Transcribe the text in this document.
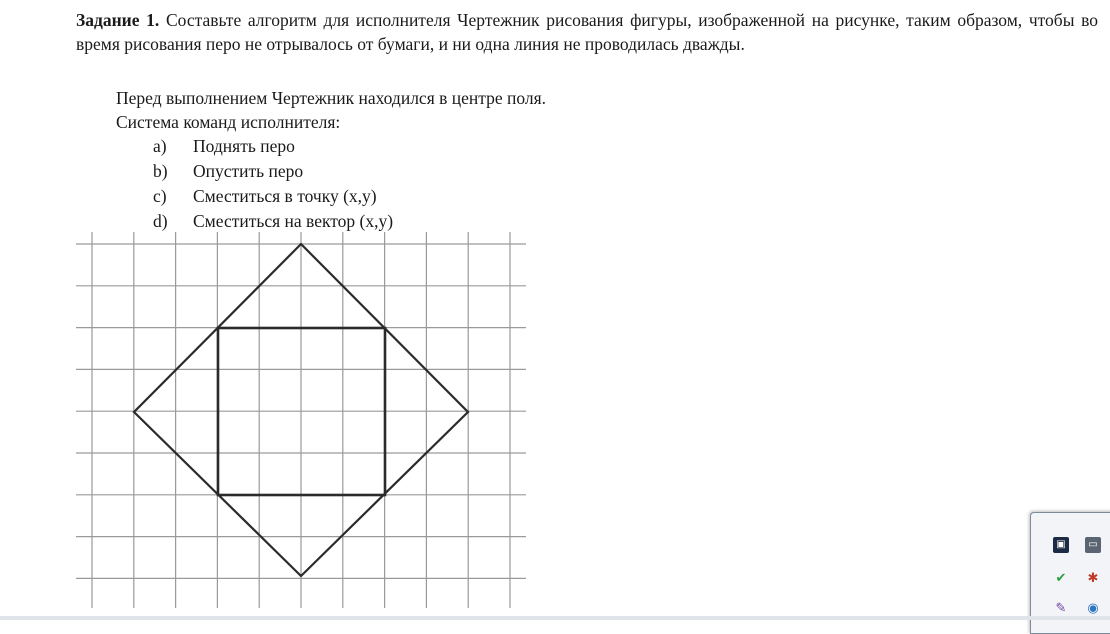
Задание 1. Составьте алгоритм для исполнителя Чертежник рисования фигуры, изображенной на рисунке, таким образом, чтобы во время рисования перо не отрывалось от бумаги, и ни одна линия не проводилась дважды.

Перед выполнением Чертежник находился в центре поля.
Система команд исполнителя:
a) Поднять перо
b) Опустить перо
c) Сместиться в точку (x,y)
d) Сместиться на вектор (x,y)
▣	▭
✔ ✱
✎ ◉
